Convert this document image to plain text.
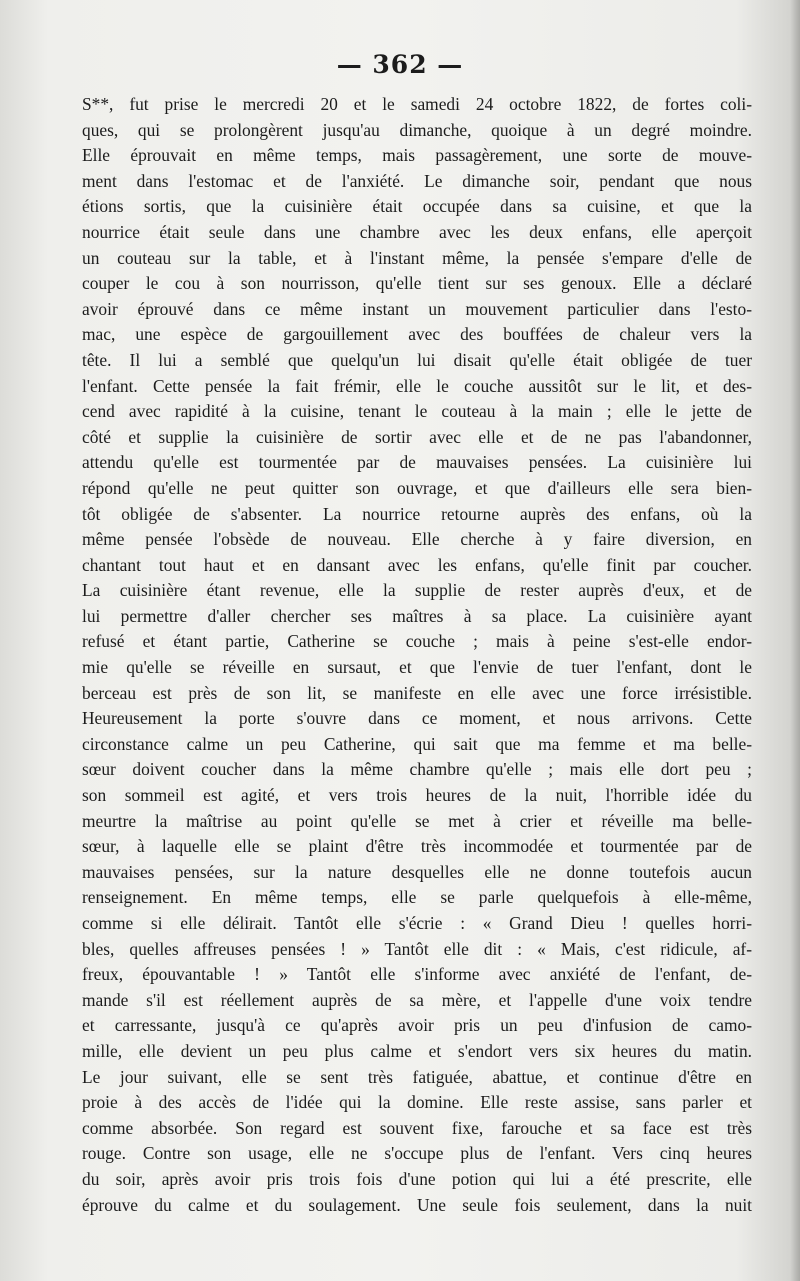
— 362 —
S**, fut prise le mercredi 20 et le samedi 24 octobre 1822, de fortes coli-
ques, qui se prolongèrent jusqu'au dimanche, quoique à un degré moindre.
Elle éprouvait en même temps, mais passagèrement, une sorte de mouve-
ment dans l'estomac et de l'anxiété. Le dimanche soir, pendant que nous
étions sortis, que la cuisinière était occupée dans sa cuisine, et que la
nourrice était seule dans une chambre avec les deux enfans, elle aperçoit
un couteau sur la table, et à l'instant même, la pensée s'empare d'elle de
couper le cou à son nourrisson, qu'elle tient sur ses genoux. Elle a déclaré
avoir éprouvé dans ce même instant un mouvement particulier dans l'esto-
mac, une espèce de gargouillement avec des bouffées de chaleur vers la
tête. Il lui a semblé que quelqu'un lui disait qu'elle était obligée de tuer
l'enfant. Cette pensée la fait frémir, elle le couche aussitôt sur le lit, et des-
cend avec rapidité à la cuisine, tenant le couteau à la main ; elle le jette de
côté et supplie la cuisinière de sortir avec elle et de ne pas l'abandonner,
attendu qu'elle est tourmentée par de mauvaises pensées. La cuisinière lui
répond qu'elle ne peut quitter son ouvrage, et que d'ailleurs elle sera bien-
tôt obligée de s'absenter. La nourrice retourne auprès des enfans, où la
même pensée l'obsède de nouveau. Elle cherche à y faire diversion, en
chantant tout haut et en dansant avec les enfans, qu'elle finit par coucher.
La cuisinière étant revenue, elle la supplie de rester auprès d'eux, et de
lui permettre d'aller chercher ses maîtres à sa place. La cuisinière ayant
refusé et étant partie, Catherine se couche ; mais à peine s'est-elle endor-
mie qu'elle se réveille en sursaut, et que l'envie de tuer l'enfant, dont le
berceau est près de son lit, se manifeste en elle avec une force irrésistible.
Heureusement la porte s'ouvre dans ce moment, et nous arrivons. Cette
circonstance calme un peu Catherine, qui sait que ma femme et ma belle-
sœur doivent coucher dans la même chambre qu'elle ; mais elle dort peu ;
son sommeil est agité, et vers trois heures de la nuit, l'horrible idée du
meurtre la maîtrise au point qu'elle se met à crier et réveille ma belle-
sœur, à laquelle elle se plaint d'être très incommodée et tourmentée par de
mauvaises pensées, sur la nature desquelles elle ne donne toutefois aucun
renseignement. En même temps, elle se parle quelquefois à elle-même,
comme si elle délirait. Tantôt elle s'écrie : « Grand Dieu ! quelles horri-
bles, quelles affreuses pensées ! » Tantôt elle dit : « Mais, c'est ridicule, af-
freux, épouvantable ! » Tantôt elle s'informe avec anxiété de l'enfant, de-
mande s'il est réellement auprès de sa mère, et l'appelle d'une voix tendre
et carressante, jusqu'à ce qu'après avoir pris un peu d'infusion de camo-
mille, elle devient un peu plus calme et s'endort vers six heures du matin.
Le jour suivant, elle se sent très fatiguée, abattue, et continue d'être en
proie à des accès de l'idée qui la domine. Elle reste assise, sans parler et
comme absorbée. Son regard est souvent fixe, farouche et sa face est très
rouge. Contre son usage, elle ne s'occupe plus de l'enfant. Vers cinq heures
du soir, après avoir pris trois fois d'une potion qui lui a été prescrite, elle
éprouve du calme et du soulagement. Une seule fois seulement, dans la nuit
